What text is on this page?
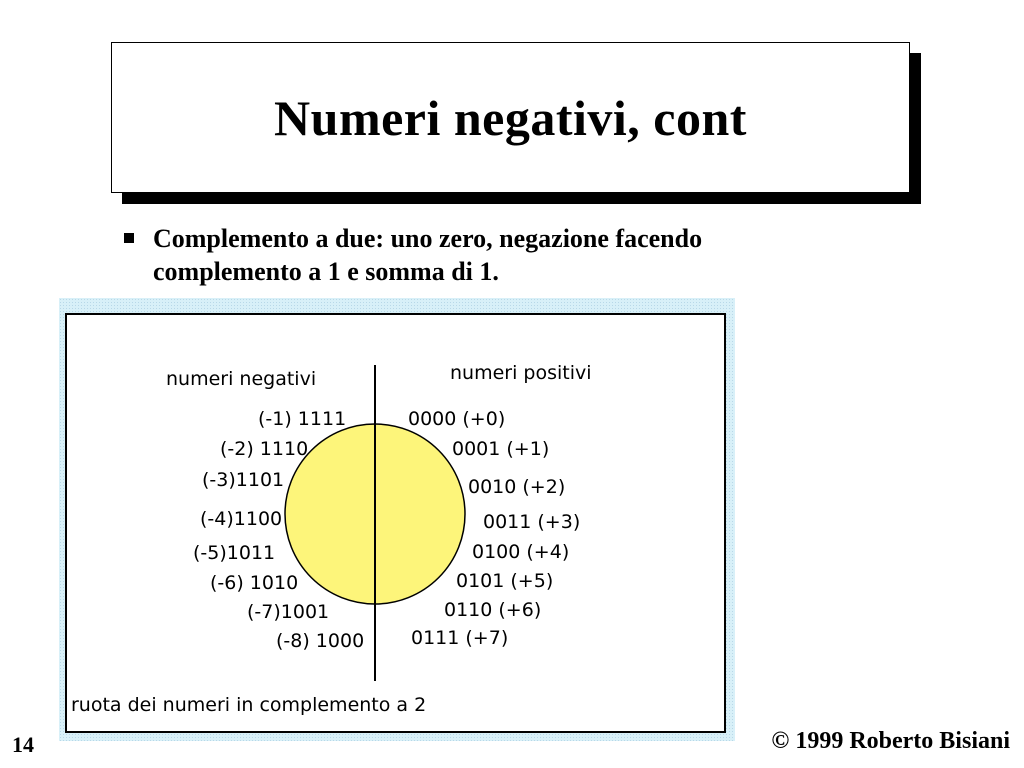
Numeri negativi, cont
Complemento a due: uno zero, negazione facendo complemento a 1 e somma di 1.
numeri negativi	numeri positivi
0000 (+0)
0001 (+1)
0010 (+2)
0011 (+3)
0100 (+4)
0101 (+5)
0110 (+6)
0111 (+7)
(-1) 1111
(-2) 1110
(-3)1101
(-4)1100
(-5)1011
(-6) 1010
(-7)1001
(-8) 1000
ruota dei numeri in complemento a 2
14	© 1999 Roberto Bisiani
